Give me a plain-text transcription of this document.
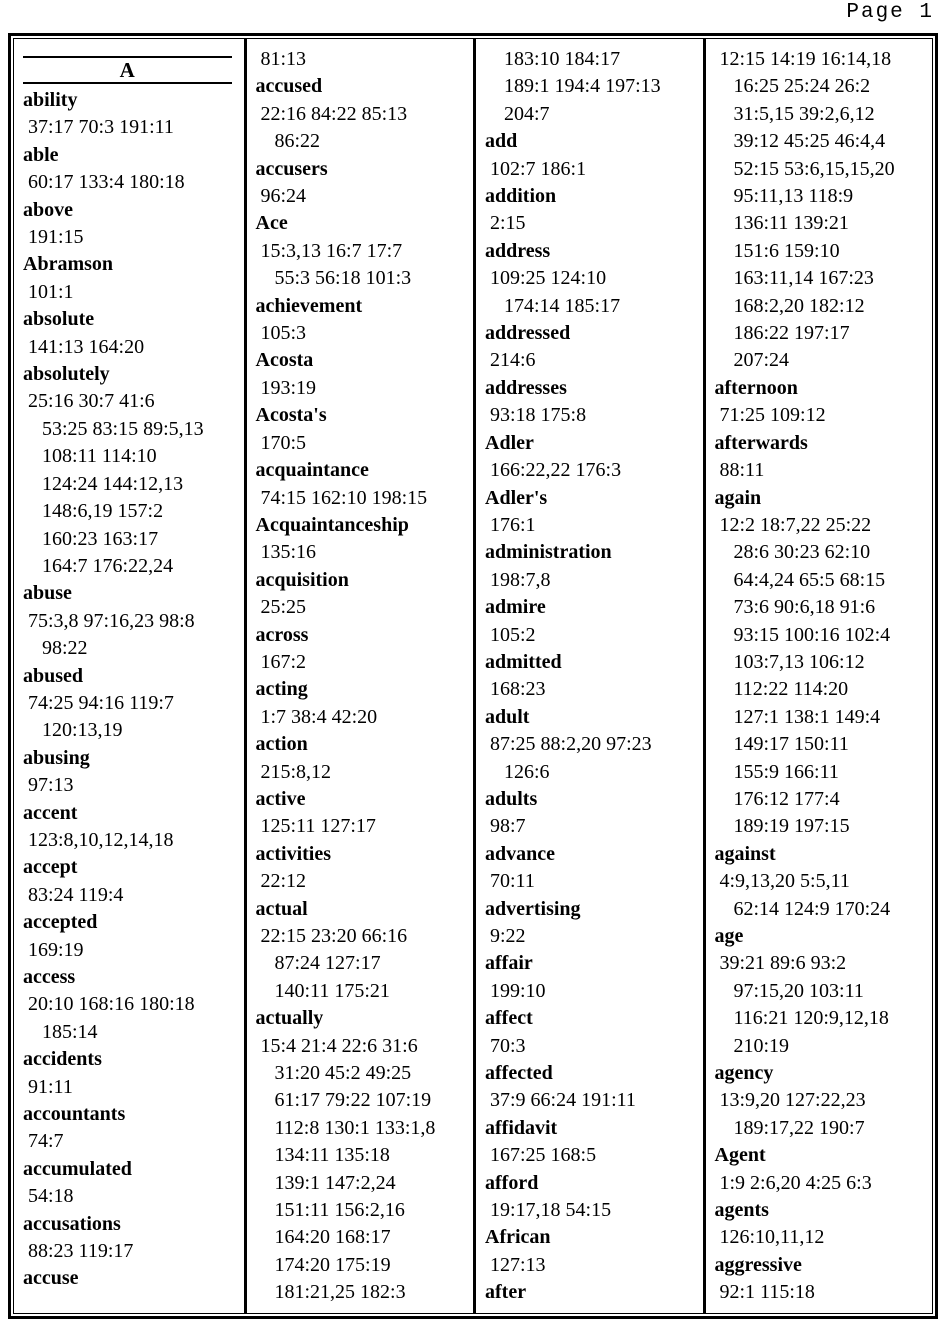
Page 1
A
ability
37:17 70:3 191:11
able
60:17 133:4 180:18
above
191:15
Abramson
101:1
absolute
141:13 164:20
absolutely
25:16 30:7 41:6
53:25 83:15 89:5,13
108:11 114:10
124:24 144:12,13
148:6,19 157:2
160:23 163:17
164:7 176:22,24
abuse
75:3,8 97:16,23 98:8
98:22
abused
74:25 94:16 119:7
120:13,19
abusing
97:13
accent
123:8,10,12,14,18
accept
83:24 119:4
accepted
169:19
access
20:10 168:16 180:18
185:14
accidents
91:11
accountants
74:7
accumulated
54:18
accusations
88:23 119:17
accuse
81:13
accused
22:16 84:22 85:13
86:22
accusers
96:24
Ace
15:3,13 16:7 17:7
55:3 56:18 101:3
achievement
105:3
Acosta
193:19
Acosta's
170:5
acquaintance
74:15 162:10 198:15
Acquaintanceship
135:16
acquisition
25:25
across
167:2
acting
1:7 38:4 42:20
action
215:8,12
active
125:11 127:17
activities
22:12
actual
22:15 23:20 66:16
87:24 127:17
140:11 175:21
actually
15:4 21:4 22:6 31:6
31:20 45:2 49:25
61:17 79:22 107:19
112:8 130:1 133:1,8
134:11 135:18
139:1 147:2,24
151:11 156:2,16
164:20 168:17
174:20 175:19
181:21,25 182:3
183:10 184:17
189:1 194:4 197:13
204:7
add
102:7 186:1
addition
2:15
address
109:25 124:10
174:14 185:17
addressed
214:6
addresses
93:18 175:8
Adler
166:22,22 176:3
Adler's
176:1
administration
198:7,8
admire
105:2
admitted
168:23
adult
87:25 88:2,20 97:23
126:6
adults
98:7
advance
70:11
advertising
9:22
affair
199:10
affect
70:3
affected
37:9 66:24 191:11
affidavit
167:25 168:5
afford
19:17,18 54:15
African
127:13
after
12:15 14:19 16:14,18
16:25 25:24 26:2
31:5,15 39:2,6,12
39:12 45:25 46:4,4
52:15 53:6,15,15,20
95:11,13 118:9
136:11 139:21
151:6 159:10
163:11,14 167:23
168:2,20 182:12
186:22 197:17
207:24
afternoon
71:25 109:12
afterwards
88:11
again
12:2 18:7,22 25:22
28:6 30:23 62:10
64:4,24 65:5 68:15
73:6 90:6,18 91:6
93:15 100:16 102:4
103:7,13 106:12
112:22 114:20
127:1 138:1 149:4
149:17 150:11
155:9 166:11
176:12 177:4
189:19 197:15
against
4:9,13,20 5:5,11
62:14 124:9 170:24
age
39:21 89:6 93:2
97:15,20 103:11
116:21 120:9,12,18
210:19
agency
13:9,20 127:22,23
189:17,22 190:7
Agent
1:9 2:6,20 4:25 6:3
agents
126:10,11,12
aggressive
92:1 115:18
